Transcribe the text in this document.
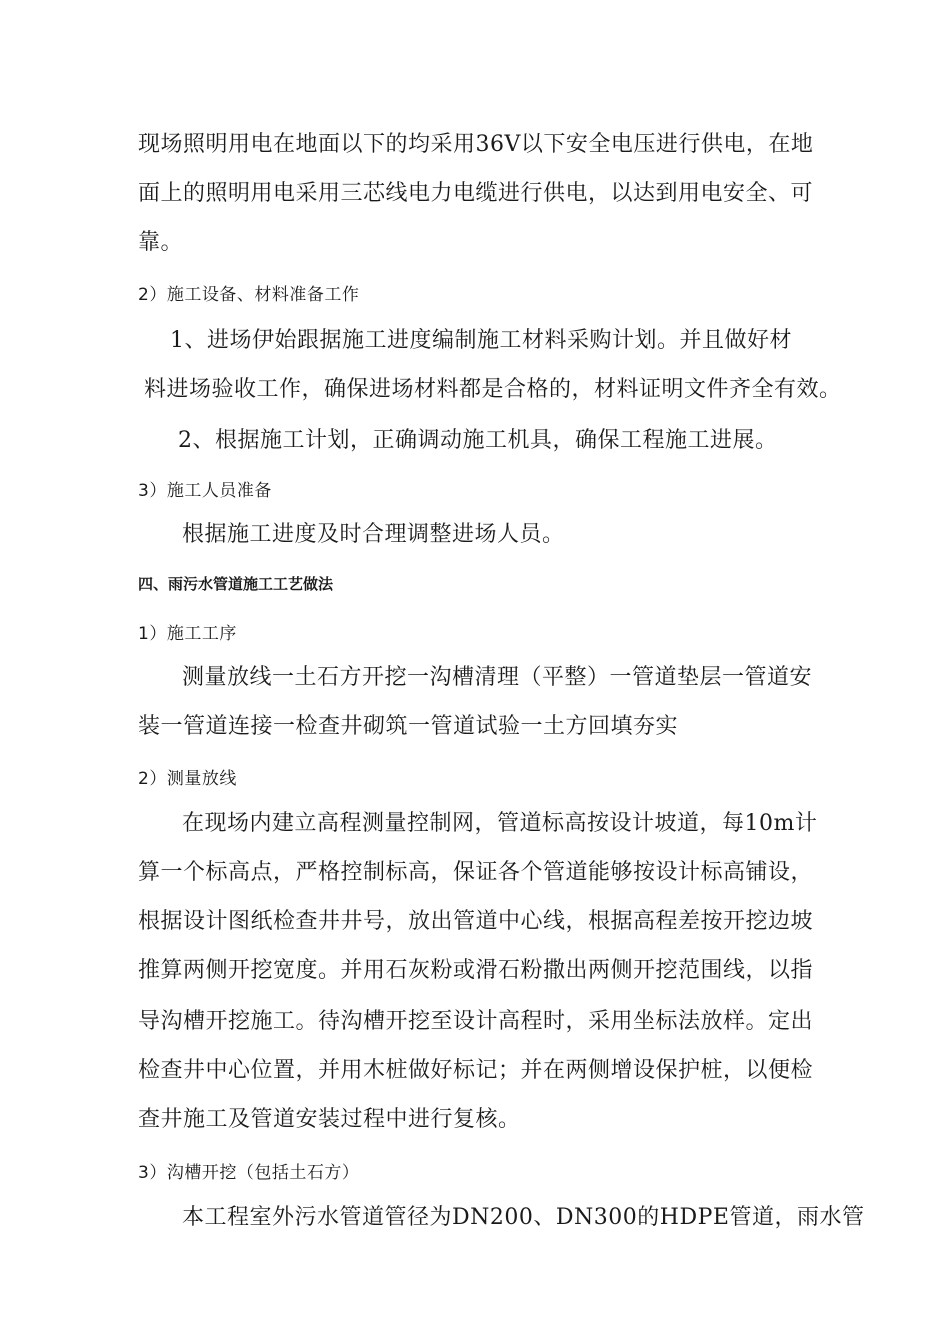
现场照明用电在地面以下的均采用36V以下安全电压进行供电，在地
面上的照明用电采用三芯线电力电缆进行供电，以达到用电安全、可
靠。
2）施工设备、材料准备工作
1、进场伊始跟据施工进度编制施工材料采购计划。并且做好材
料进场验收工作，确保进场材料都是合格的，材料证明文件齐全有效。
2、根据施工计划，正确调动施工机具，确保工程施工进展。
3）施工人员准备
根据施工进度及时合理调整进场人员。
四、雨污水管道施工工艺做法
1）施工工序
测量放线一土石方开挖一沟槽清理（平整）一管道垫层一管道安
装一管道连接一检查井砌筑一管道试验一土方回填夯实
2）测量放线
在现场内建立高程测量控制网，管道标高按设计坡道，每10m计
算一个标高点，严格控制标高，保证各个管道能够按设计标高铺设，
根据设计图纸检查井井号，放出管道中心线，根据高程差按开挖边坡
推算两侧开挖宽度。并用石灰粉或滑石粉撒出两侧开挖范围线，以指
导沟槽开挖施工。待沟槽开挖至设计高程时，采用坐标法放样。定出
检查井中心位置，并用木桩做好标记；并在两侧增设保护桩，以便检
查井施工及管道安装过程中进行复核。
3）沟槽开挖（包括土石方）
本工程室外污水管道管径为DN200、DN300的HDPE管道，雨水管
